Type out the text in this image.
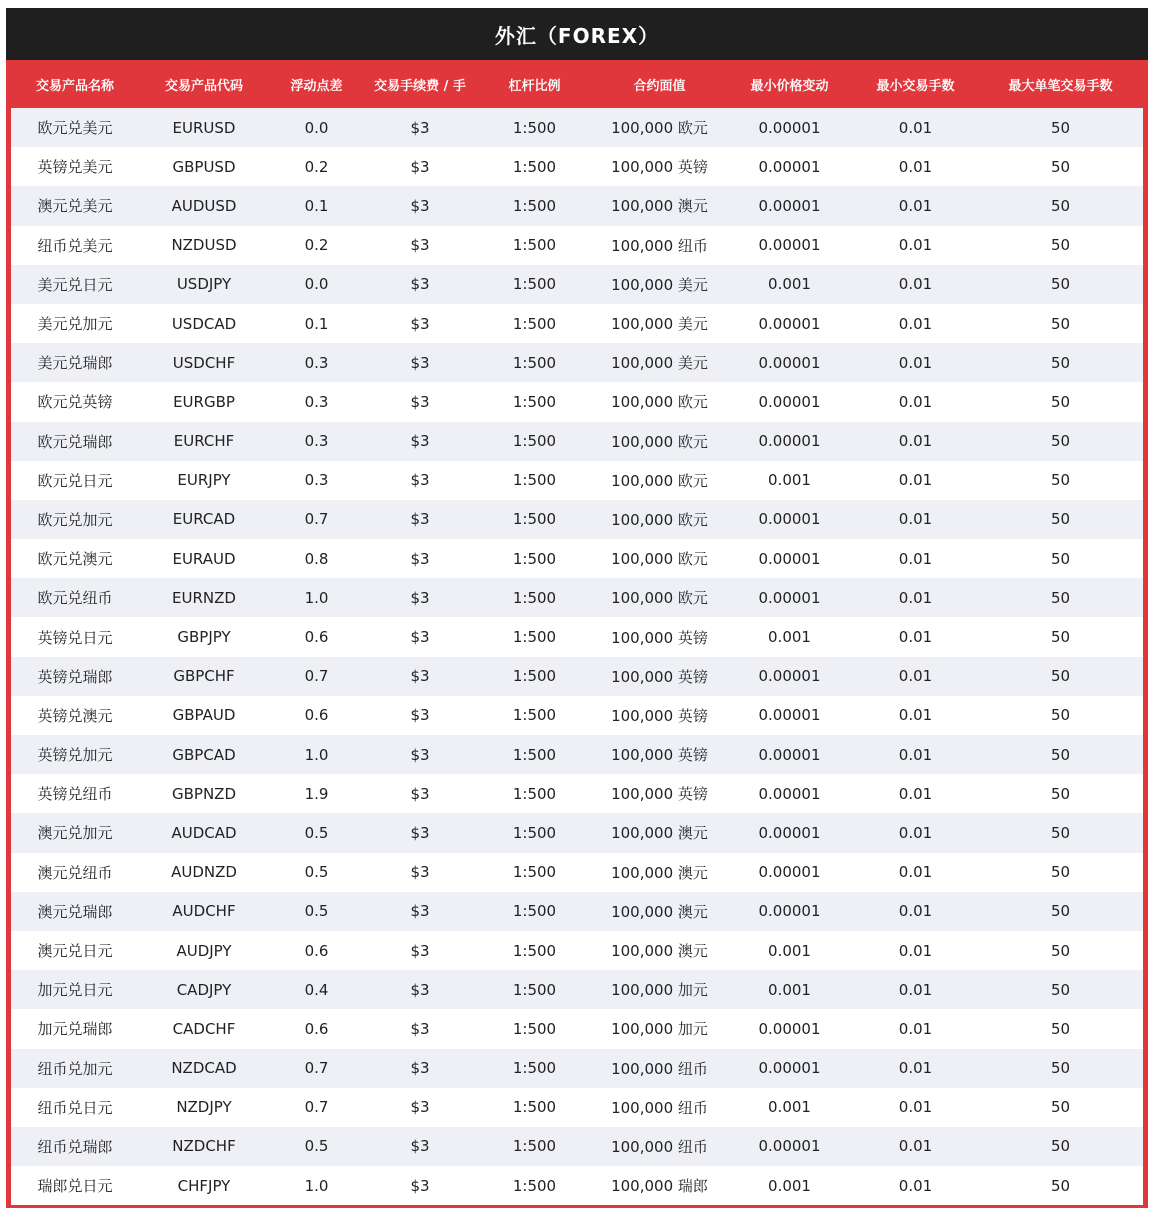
外汇（FOREX）
交易产品名称	交易产品代码	浮动点差	交易手续费 / 手	杠杆比例	合约面值	最小价格变动	最小交易手数	最大单笔交易手数
欧元兑美元	EURUSD	0.0	$3	1:500	100,000 欧元	0.00001	0.01	50
英镑兑美元	GBPUSD	0.2	$3	1:500	100,000 英镑	0.00001	0.01	50
澳元兑美元	AUDUSD	0.1	$3	1:500	100,000 澳元	0.00001	0.01	50
纽币兑美元	NZDUSD	0.2	$3	1:500	100,000 纽币	0.00001	0.01	50
美元兑日元	USDJPY	0.0	$3	1:500	100,000 美元	0.001	0.01	50
美元兑加元	USDCAD	0.1	$3	1:500	100,000 美元	0.00001	0.01	50
美元兑瑞郎	USDCHF	0.3	$3	1:500	100,000 美元	0.00001	0.01	50
欧元兑英镑	EURGBP	0.3	$3	1:500	100,000 欧元	0.00001	0.01	50
欧元兑瑞郎	EURCHF	0.3	$3	1:500	100,000 欧元	0.00001	0.01	50
欧元兑日元	EURJPY	0.3	$3	1:500	100,000 欧元	0.001	0.01	50
欧元兑加元	EURCAD	0.7	$3	1:500	100,000 欧元	0.00001	0.01	50
欧元兑澳元	EURAUD	0.8	$3	1:500	100,000 欧元	0.00001	0.01	50
欧元兑纽币	EURNZD	1.0	$3	1:500	100,000 欧元	0.00001	0.01	50
英镑兑日元	GBPJPY	0.6	$3	1:500	100,000 英镑	0.001	0.01	50
英镑兑瑞郎	GBPCHF	0.7	$3	1:500	100,000 英镑	0.00001	0.01	50
英镑兑澳元	GBPAUD	0.6	$3	1:500	100,000 英镑	0.00001	0.01	50
英镑兑加元	GBPCAD	1.0	$3	1:500	100,000 英镑	0.00001	0.01	50
英镑兑纽币	GBPNZD	1.9	$3	1:500	100,000 英镑	0.00001	0.01	50
澳元兑加元	AUDCAD	0.5	$3	1:500	100,000 澳元	0.00001	0.01	50
澳元兑纽币	AUDNZD	0.5	$3	1:500	100,000 澳元	0.00001	0.01	50
澳元兑瑞郎	AUDCHF	0.5	$3	1:500	100,000 澳元	0.00001	0.01	50
澳元兑日元	AUDJPY	0.6	$3	1:500	100,000 澳元	0.001	0.01	50
加元兑日元	CADJPY	0.4	$3	1:500	100,000 加元	0.001	0.01	50
加元兑瑞郎	CADCHF	0.6	$3	1:500	100,000 加元	0.00001	0.01	50
纽币兑加元	NZDCAD	0.7	$3	1:500	100,000 纽币	0.00001	0.01	50
纽币兑日元	NZDJPY	0.7	$3	1:500	100,000 纽币	0.001	0.01	50
纽币兑瑞郎	NZDCHF	0.5	$3	1:500	100,000 纽币	0.00001	0.01	50
瑞郎兑日元	CHFJPY	1.0	$3	1:500	100,000 瑞郎	0.001	0.01	50
